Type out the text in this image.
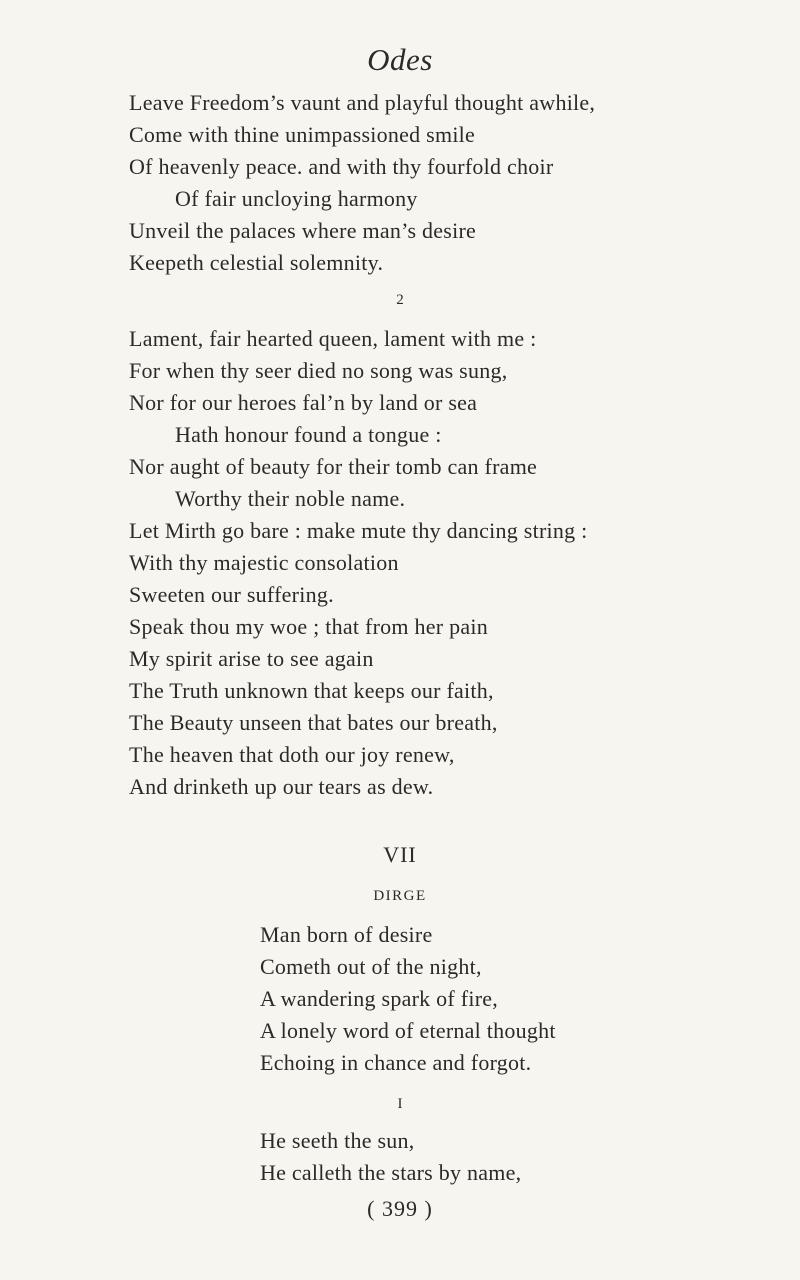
Odes
Leave Freedom’s vaunt and playful thought awhile,
Come with thine unimpassioned smile
Of heavenly peace. and with thy fourfold choir
Of fair uncloying harmony
Unveil the palaces where man’s desire
Keepeth celestial solemnity.
2
Lament, fair hearted queen, lament with me :
For when thy seer died no song was sung,
Nor for our heroes fal’n by land or sea
Hath honour found a tongue :
Nor aught of beauty for their tomb can frame
Worthy their noble name.
Let Mirth go bare : make mute thy dancing string :
With thy majestic consolation
Sweeten our suffering.
Speak thou my woe ; that from her pain
My spirit arise to see again
The Truth unknown that keeps our faith,
The Beauty unseen that bates our breath,
The heaven that doth our joy renew,
And drinketh up our tears as dew.
VII
DIRGE
Man born of desire
Cometh out of the night,
A wandering spark of fire,
A lonely word of eternal thought
Echoing in chance and forgot.
I
He seeth the sun,
He calleth the stars by name,
( 399 )
